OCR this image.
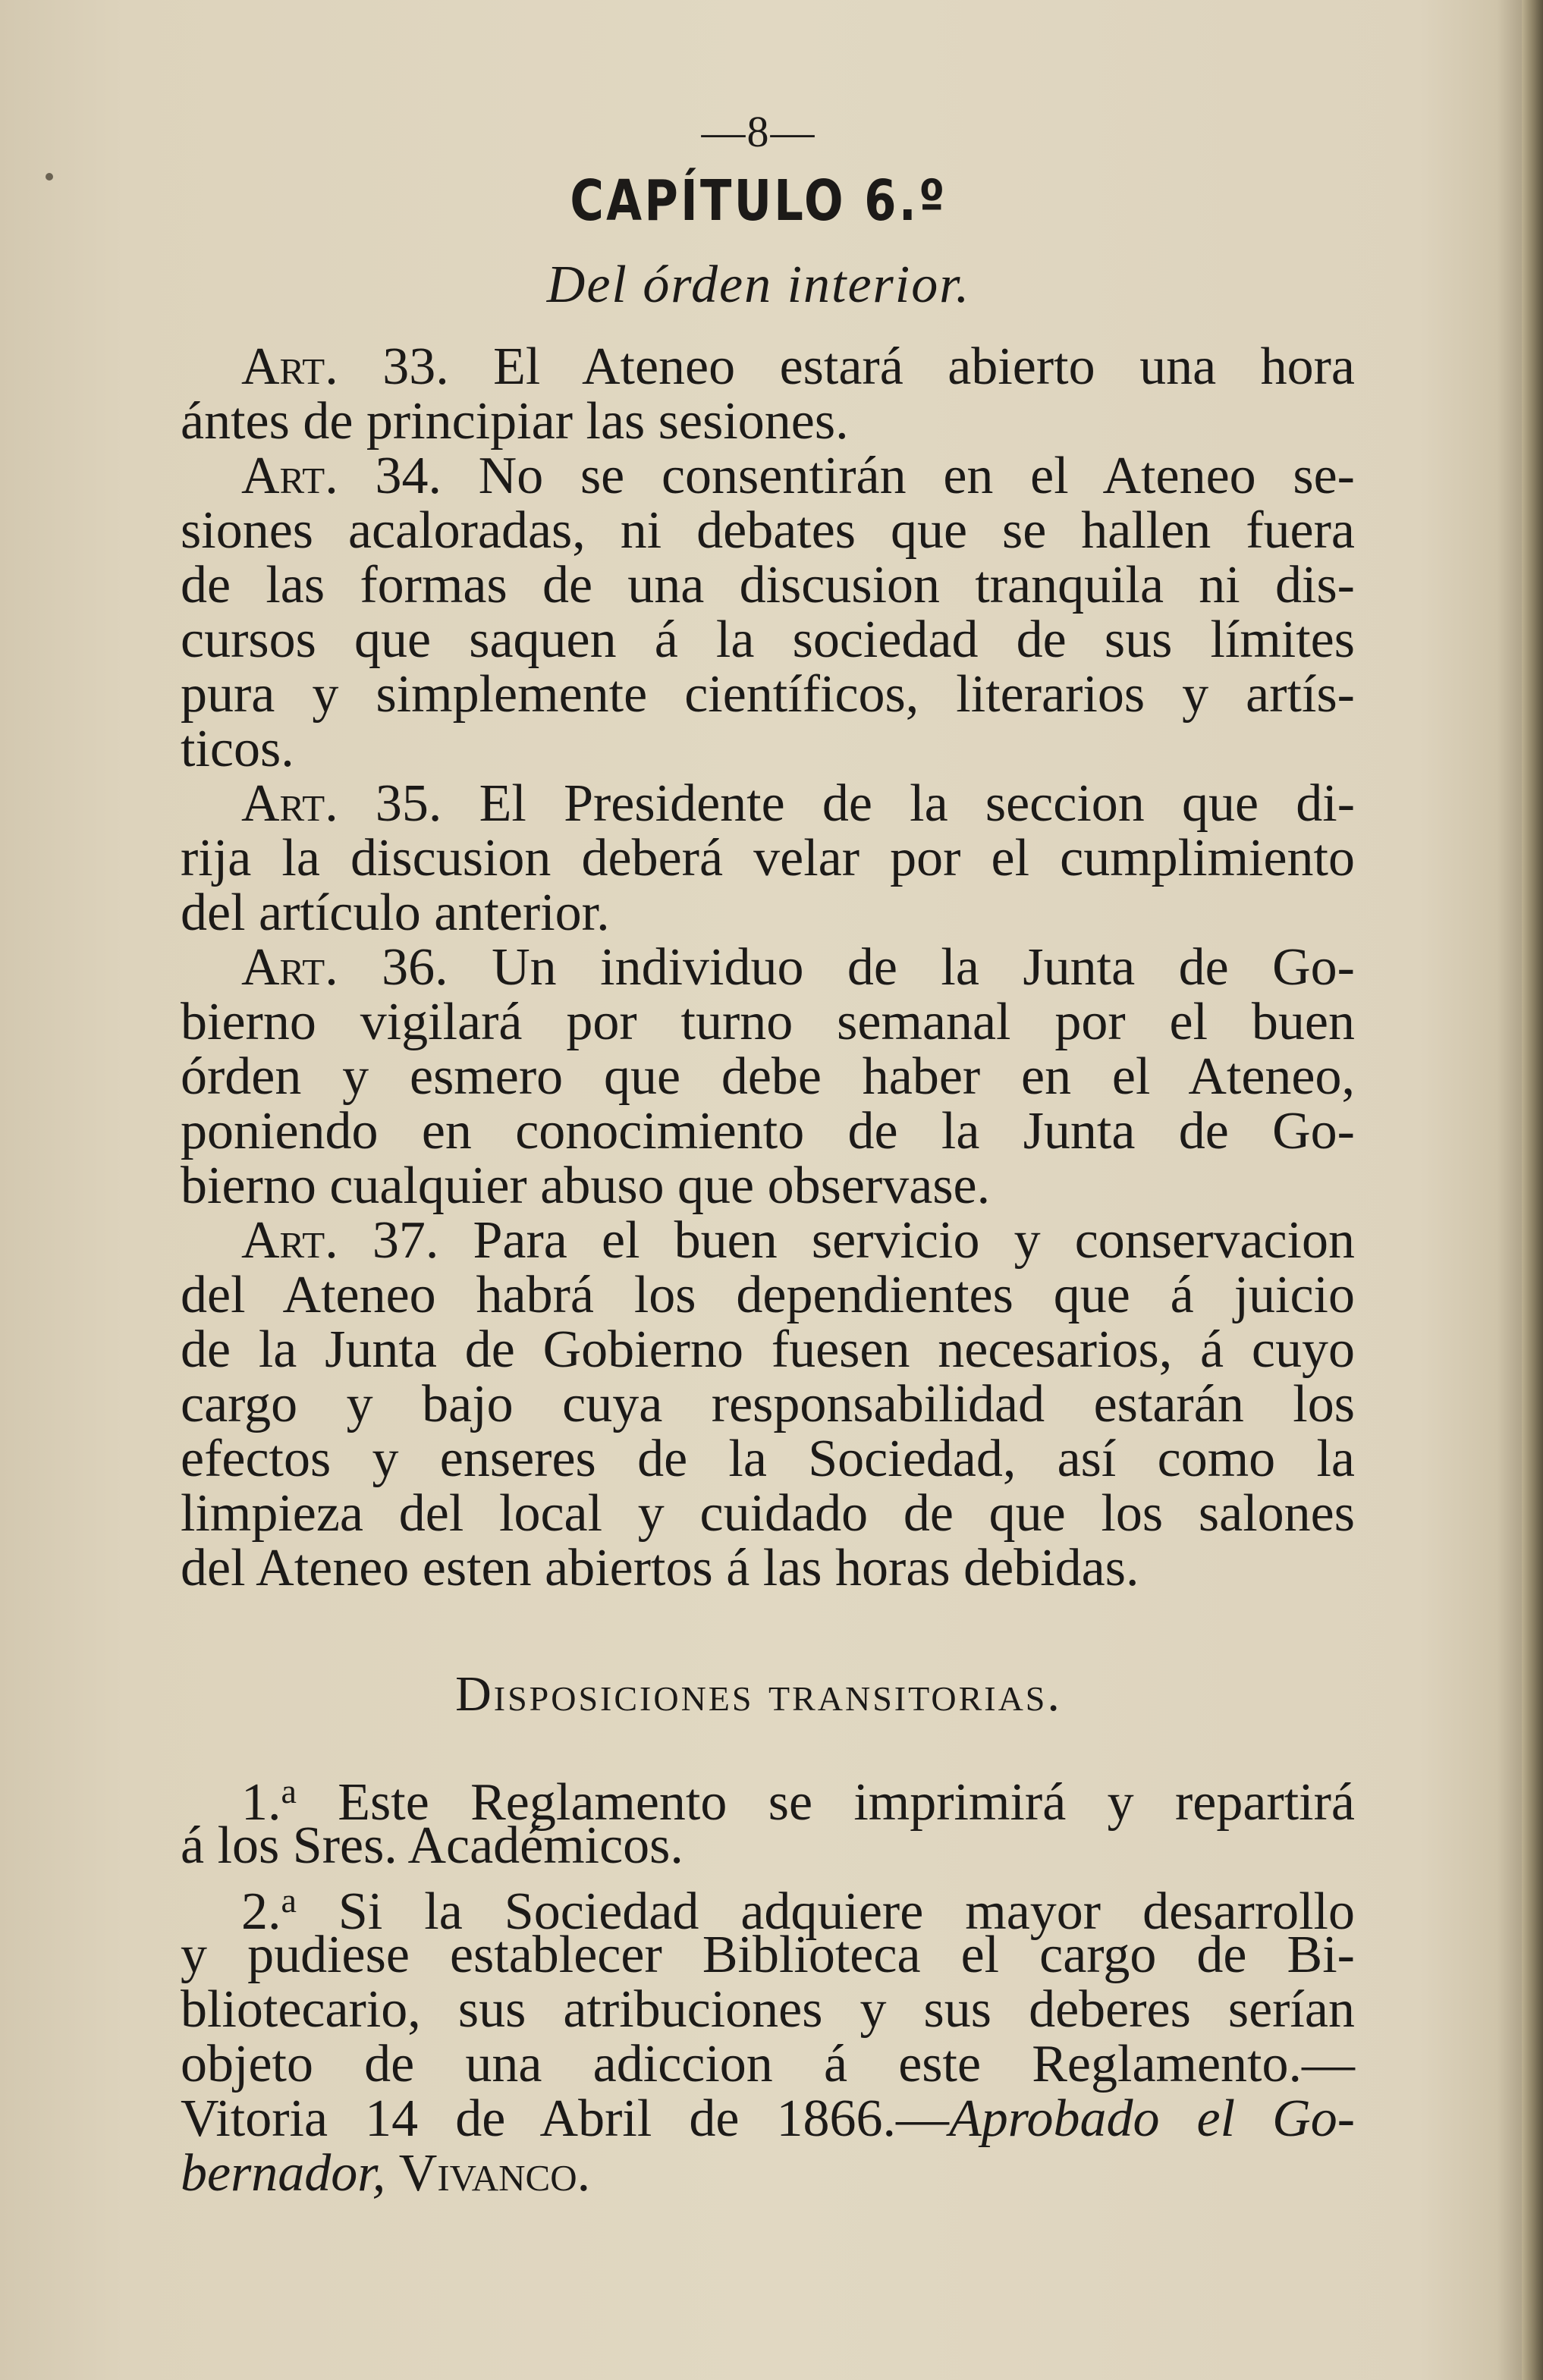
—8—
CAPÍTULO 6.º
Del órden interior.
Art. 33. El Ateneo estará abierto una hora
ántes de principiar las sesiones.
Art. 34. No se consentirán en el Ateneo se-
siones acaloradas, ni debates que se hallen fuera
de las formas de una discusion tranquila ni dis-
cursos que saquen á la sociedad de sus límites
pura y simplemente científicos, literarios y artís-
ticos.
Art. 35. El Presidente de la seccion que di-
rija la discusion deberá velar por el cumplimiento
del artículo anterior.
Art. 36. Un individuo de la Junta de Go-
bierno vigilará por turno semanal por el buen
órden y esmero que debe haber en el Ateneo,
poniendo en conocimiento de la Junta de Go-
bierno cualquier abuso que observase.
Art. 37. Para el buen servicio y conservacion
del Ateneo habrá los dependientes que á juicio
de la Junta de Gobierno fuesen necesarios, á cuyo
cargo y bajo cuya responsabilidad estarán los
efectos y enseres de la Sociedad, así como la
limpieza del local y cuidado de que los salones
del Ateneo esten abiertos á las horas debidas.
Disposiciones transitorias.
1.$^a$ Este Reglamento se imprimirá y repartirá
á los Sres. Académicos.
2.$^a$ Si la Sociedad adquiere mayor desarrollo
y pudiese establecer Biblioteca el cargo de Bi-
bliotecario, sus atribuciones y sus deberes serían
objeto de una adiccion á este Reglamento.—
Vitoria 14 de Abril de 1866.—Aprobado el Go-
bernador, Vivanco.
